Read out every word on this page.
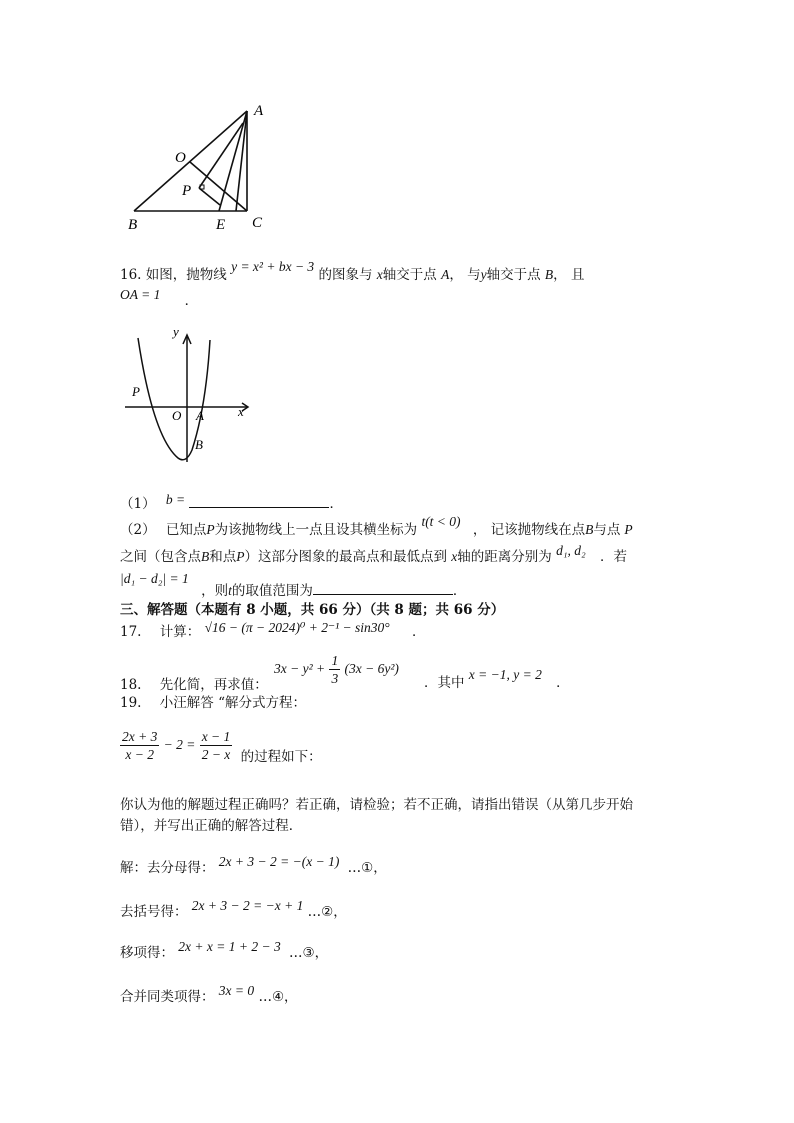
A
O
P
B	E C
16. 如图，抛物线 y = x² + bx − 3 的图象与 x轴交于点 A， 与y轴交于点 B， 且
OA = 1 ．
y
x
O A
B
P
（1） b =	．
（2） 已知点P为该抛物线上一点且设其横坐标为 t(t < 0) ， 记该抛物线在点B与点 P
之间（包含点B和点P）这部分图象的最高点和最低点到 x轴的距离分别为 d₁, d₂ ．若
|d₁ − d₂| = 1 ，则t的取值范围为	．
三、解答题（本题有 8 小题，共 66 分）（共 8 题；共 66 分）
17. 计算： √16 − (π − 2024)⁰ + 2⁻¹ − sin30° ．
$3x - y^2 + \frac{1}{3} (3x - 6y^2)$
18. 先化简，再求值：	．其中 x = −1, y = 2 ．
19. 小汪解答 “解分式方程：
$\frac{2x + 3}{x - 2} - 2 = \frac{x - 1}{2 - x}$ 的过程如下：
你认为他的解题过程正确吗？若正确，请检验；若不正确，请指出错误（从第几步开始
错），并写出正确的解答过程．
解：去分母得： 2x + 3 − 2 = −(x − 1) …①，
去括号得： 2x + 3 − 2 = −x + 1 …②，
移项得： 2x + x = 1 + 2 − 3 …③，
合并同类项得： 3x = 0 …④，
